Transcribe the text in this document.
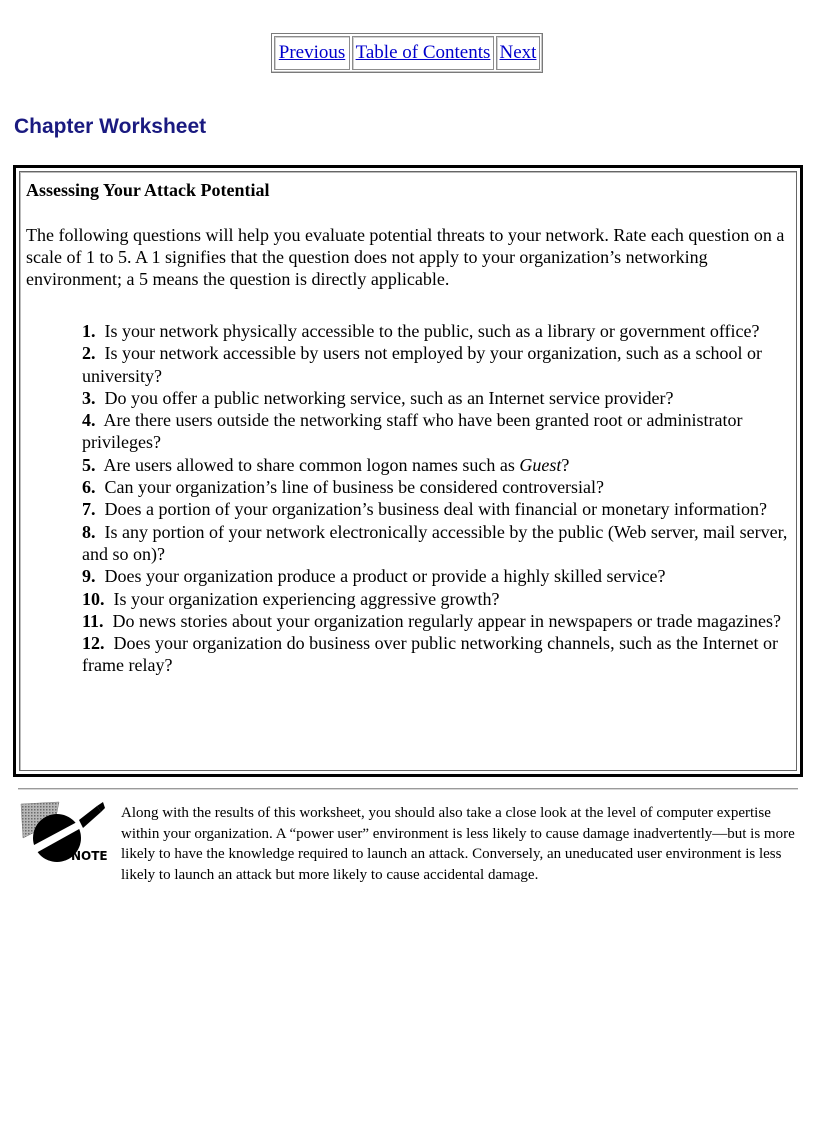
Previous Table of Contents Next
Chapter Worksheet

Assessing Your Attack Potential

The following questions will help you evaluate potential threats to your network. Rate each question on a scale of 1 to 5. A 1 signifies that the question does not apply to your organization’s networking environment; a 5 means the question is directly applicable.

1. Is your network physically accessible to the public, such as a library or government office?
2. Is your network accessible by users not employed by your organization, such as a school or university?
3. Do you offer a public networking service, such as an Internet service provider?
4. Are there users outside the networking staff who have been granted root or administrator privileges?
5. Are users allowed to share common logon names such as Guest?
6. Can your organization’s line of business be considered controversial?
7. Does a portion of your organization’s business deal with financial or monetary information?
8. Is any portion of your network electronically accessible by the public (Web server, mail server, and so on)?
9. Does your organization produce a product or provide a highly skilled service?
10. Is your organization experiencing aggressive growth?
11. Do news stories about your organization regularly appear in newspapers or trade magazines?
12. Does your organization do business over public networking channels, such as the Internet or frame relay?
NOTE

Along with the results of this worksheet, you should also take a close look at the level of computer expertise within your organization. A “power user” environment is less likely to cause damage inadvertently—but is more likely to have the knowledge required to launch an attack. Conversely, an uneducated user environment is less likely to launch an attack but more likely to cause accidental damage.
